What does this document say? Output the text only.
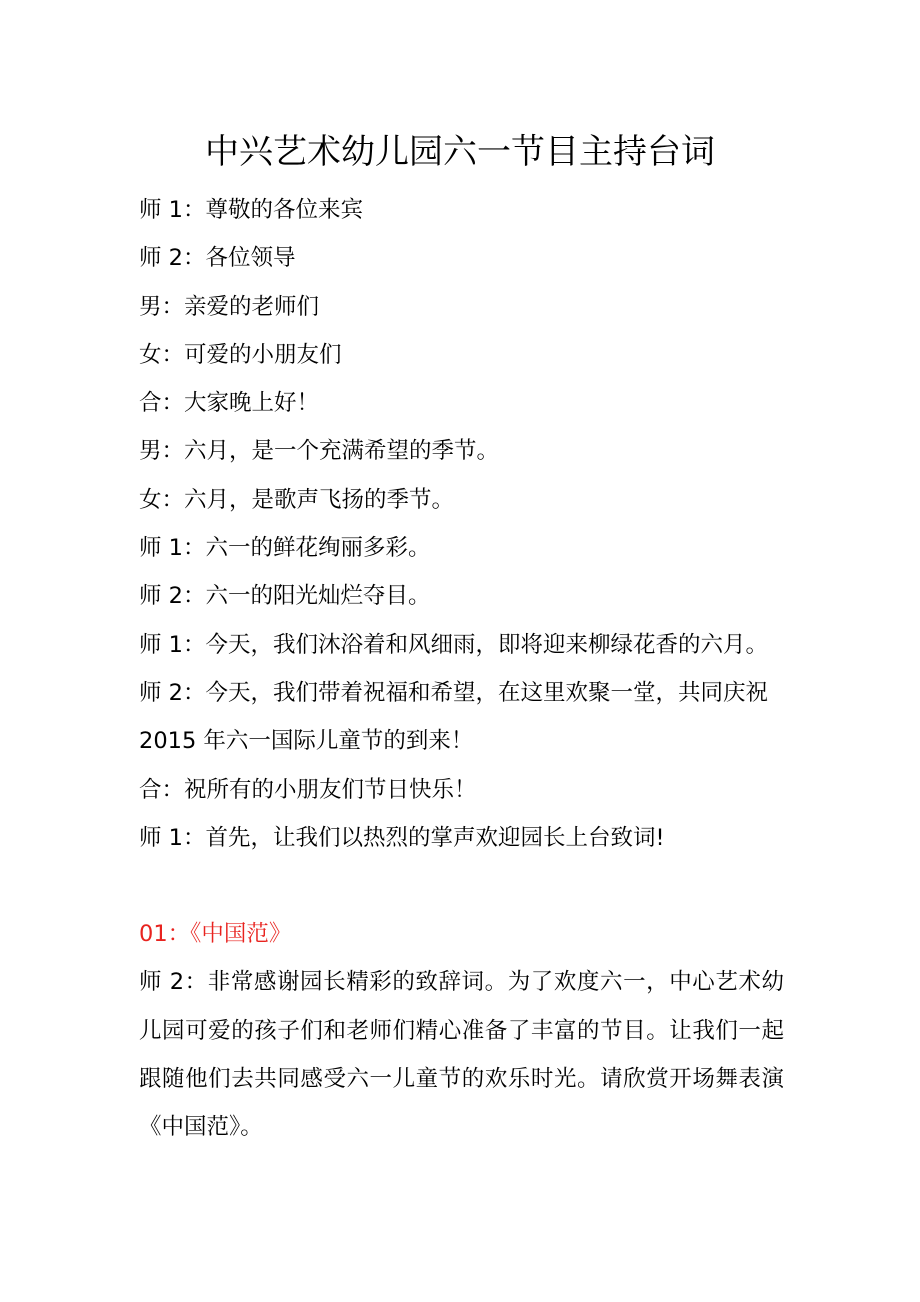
中兴艺术幼儿园六一节目主持台词

师 1：尊敬的各位来宾

师 2：各位领导

男：亲爱的老师们

女：可爱的小朋友们

合：大家晚上好！

男：六月，是一个充满希望的季节。

女：六月，是歌声飞扬的季节。

师 1：六一的鲜花绚丽多彩。

师 2：六一的阳光灿烂夺目。

师 1：今天，我们沐浴着和风细雨，即将迎来柳绿花香的六月。

师 2：今天，我们带着祝福和希望，在这里欢聚一堂，共同庆祝

2015 年六一国际儿童节的到来！

合：祝所有的小朋友们节日快乐！

师 1：首先，让我们以热烈的掌声欢迎园长上台致词!

01：《中国范》

师 2：非常感谢园长精彩的致辞词。为了欢度六一，中心艺术幼儿园可爱的孩子们和老师们精心准备了丰富的节目。让我们一起跟随他们去共同感受六一儿童节的欢乐时光。请欣赏开场舞表演《中国范》。
